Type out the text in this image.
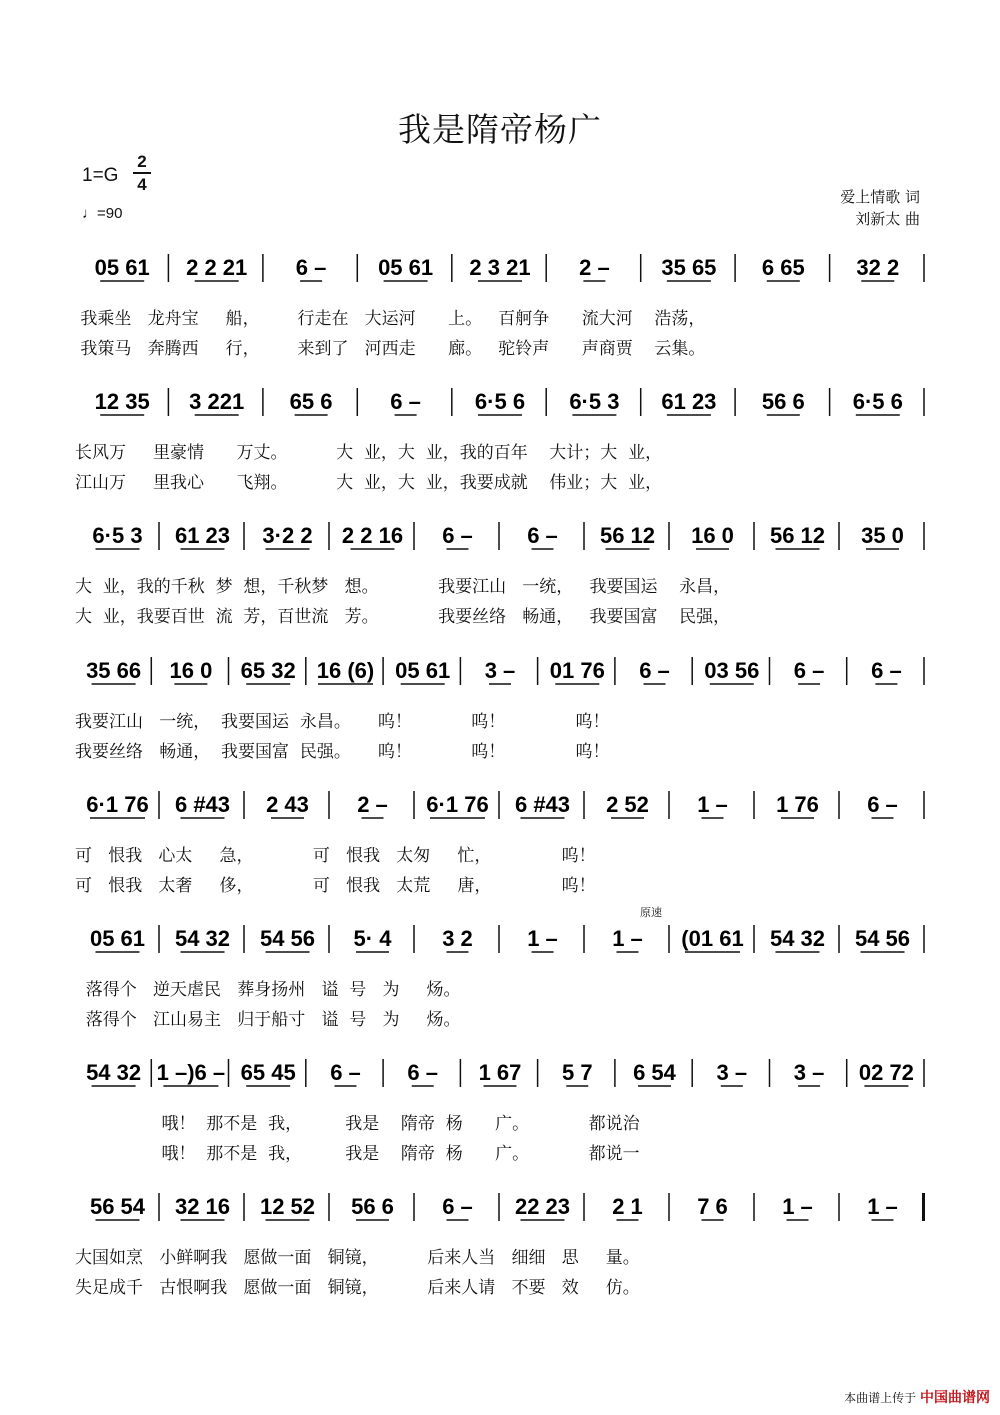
我是隋帝杨广
1=G
2
4
♩=90
爱上情歌 词
刘新太 曲
原速
05 61 2 2 21 6 – 05 61 2 3 21 2 – 35 65 6 65 32 2
我乘坐   龙舟宝     船，       行走在   大运河      上。   百舸争      流大河    浩荡，
我策马   奔腾西     行，       来到了   河西走      廊。   驼铃声      声商贾    云集。
12 35 3 221 65 6	6 – 6·5 6 6·5 3 61 23 56 6 6·5 6
长风万     里豪情      万丈。         大  业，大  业，我的百年    大计；大  业，
江山万     里我心      飞翔。         大  业，大  业，我要成就    伟业；大  业，
6·5 3 61 23 3·2 2 2 2 16 6 – 6 – 56 12 16 0 56 12 35 0
大  业，我的千秋  梦  想，千秋梦   想。           我要江山   一统，   我要国运    永昌，
大  业，我要百世  流  芳，百世流   芳。           我要丝络   畅通，   我要国富    民强，
35 66 16 0 65 32 16 (6) 05 61 3 – 01 76 6 – 03 56 6 – 6 –
我要江山   一统，  我要国运  永昌。     呜！           呜！             呜！
我要丝络   畅通，  我要国富  民强。     呜！           呜！             呜！
6·1 76 6 #43 2 43 2 – 6·1 76 6 #43 2 52 1 – 1 76 6 –
可   恨我   心太     急，           可   恨我   太匆     忙，             呜！
可   恨我   太奢     侈，           可   恨我   太荒     唐，             呜！
05 61 54 32 54 56 5· 4 3 2 1 – 1 – (01 61 54 32 54 56
落得个   逆天虐民   葬身扬州   谥  号   为     炀。
落得个   江山易主   归于船寸   谥  号   为     炀。
54 32 1 –)6 – 65 45 6 – 6 – 1 67 5 7 6 54 3 – 3 – 02 72
哦！  那不是  我，        我是    隋帝  杨      广。           都说治
哦！  那不是  我，        我是    隋帝  杨      广。           都说一
56 54 32 16 12 52 56 6 6 – 22 23 2 1 7 6 1 – 1 –
大国如烹   小鲜啊我   愿做一面   铜镜，         后来人当   细细   思     量。
失足成千   古恨啊我   愿做一面   铜镜，         后来人请   不要   效     仿。
本曲谱上传于 中国曲谱网
